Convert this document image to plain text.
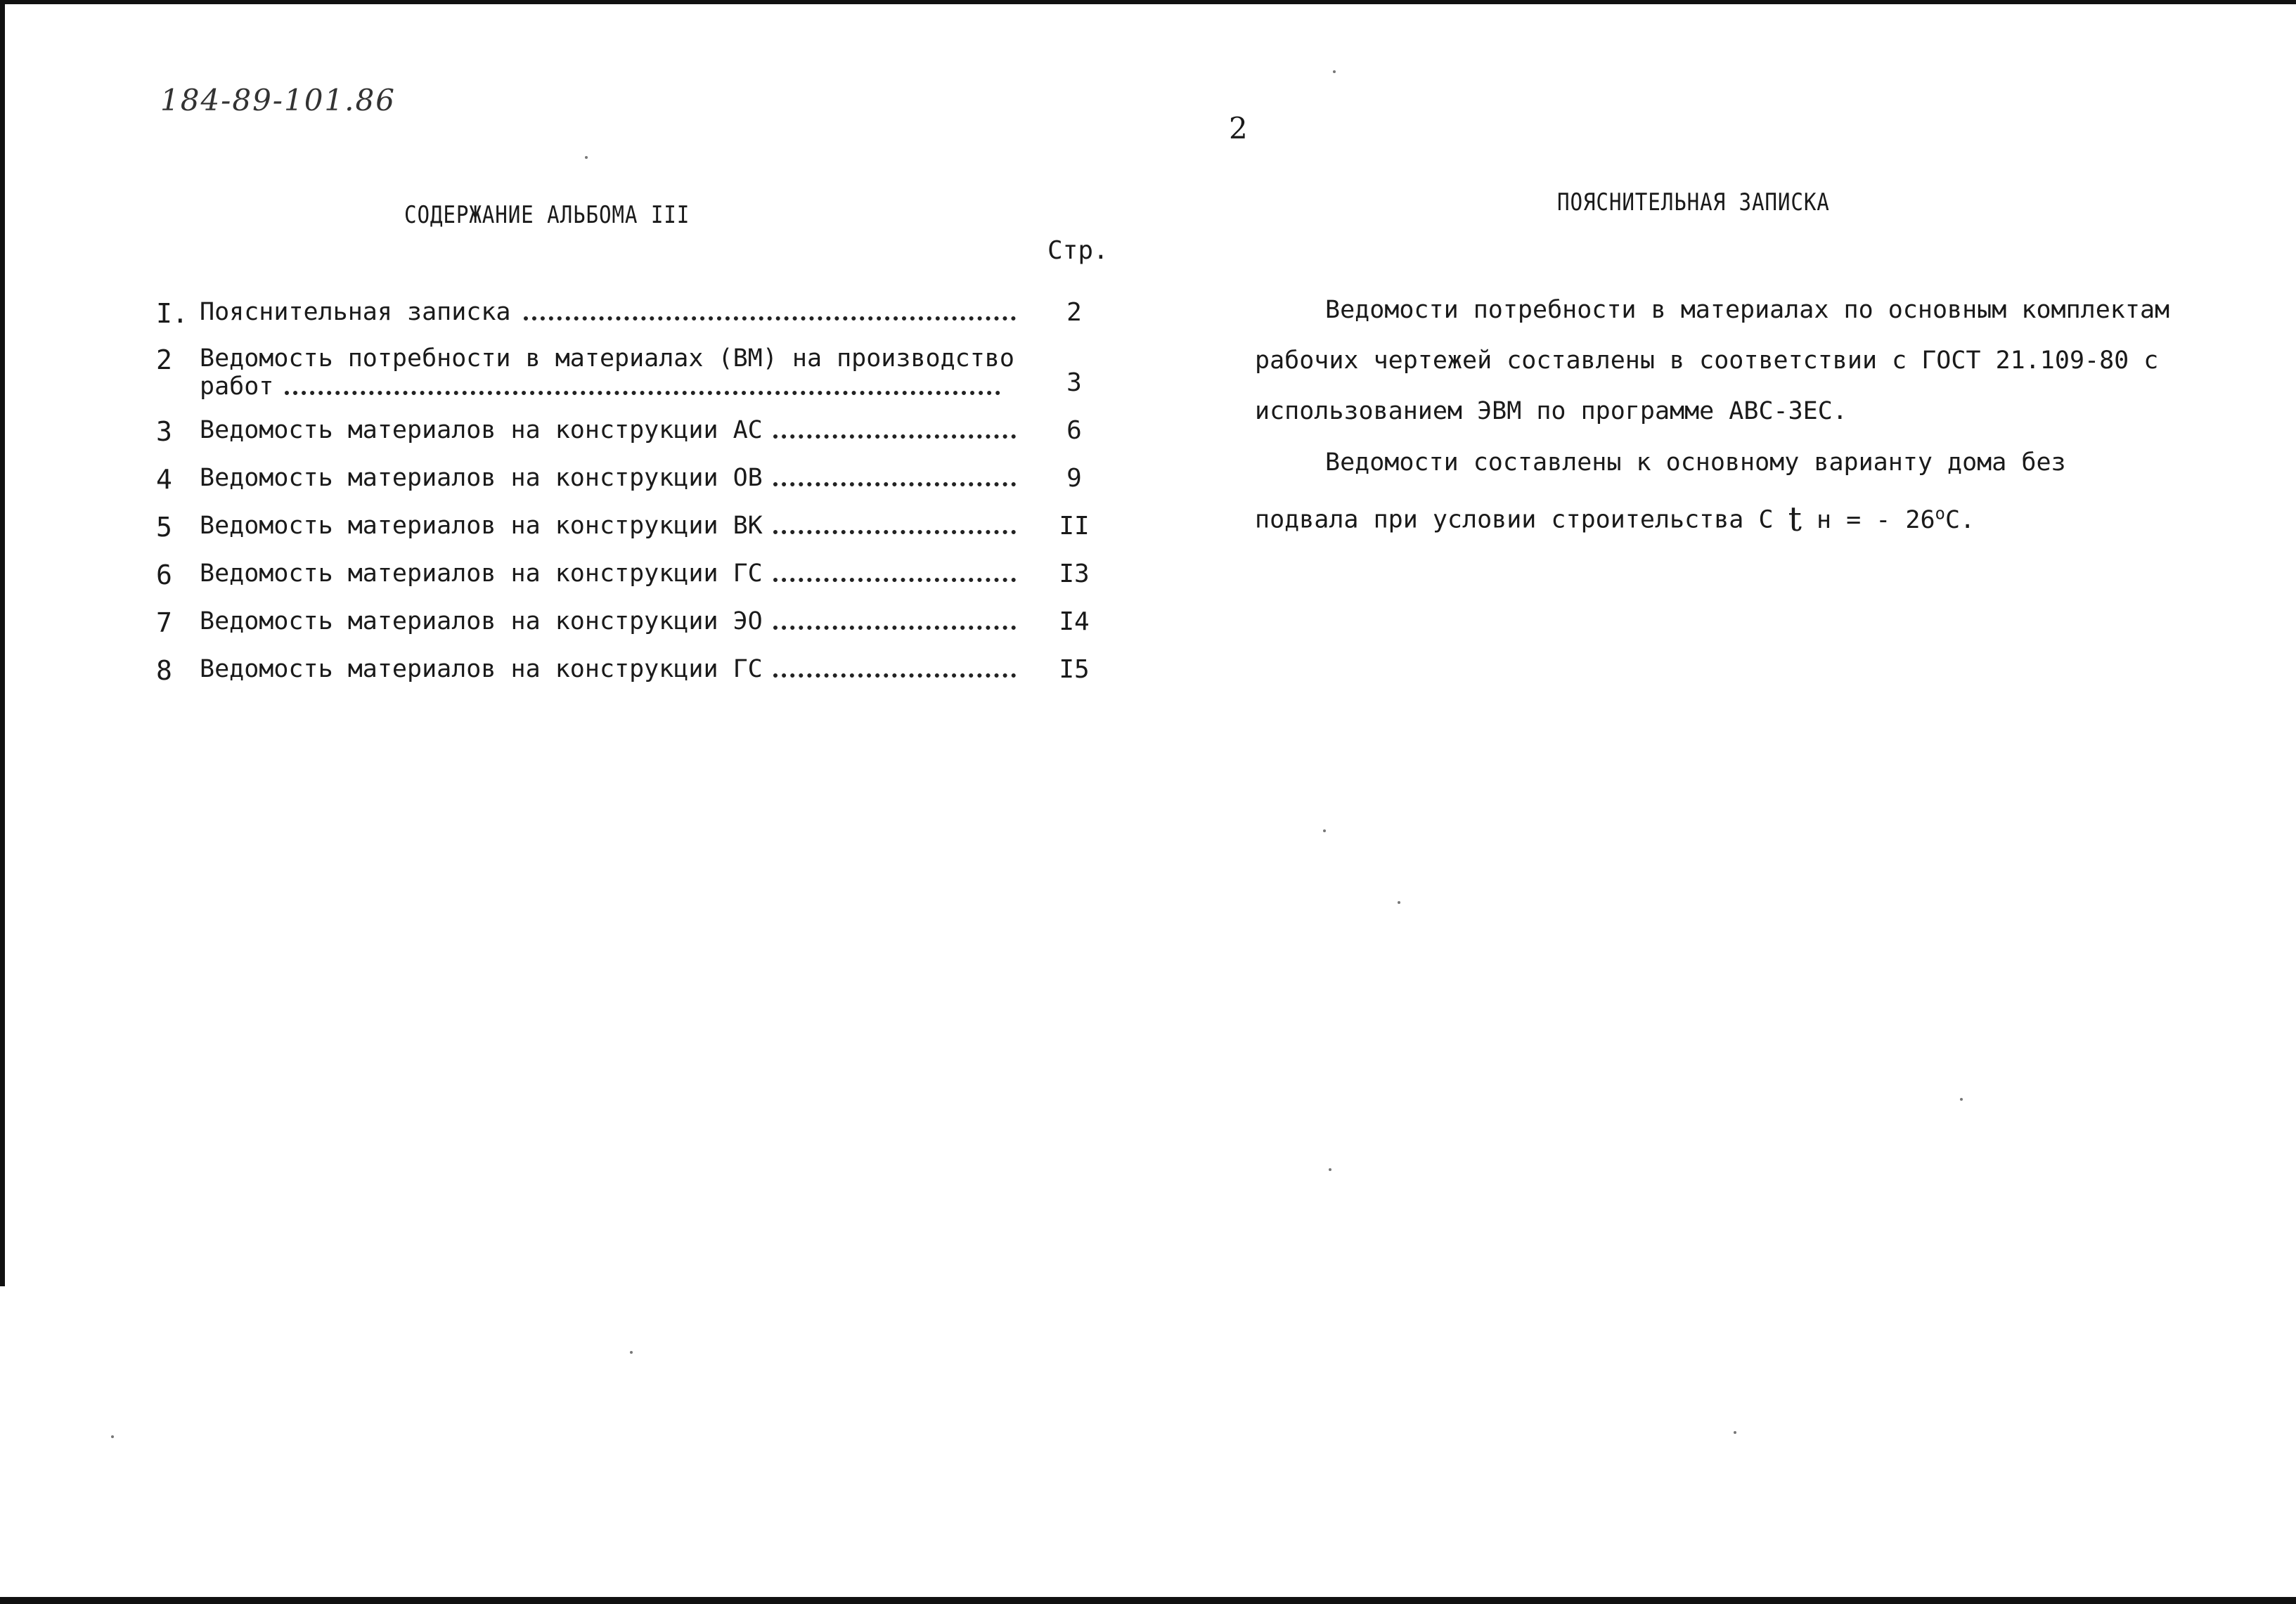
184-89-101.86
2
СОДЕРЖАНИЕ АЛЬБОМА III
Стр.
I. Пояснительная записка	2
2 Ведомость потребности в материалах (ВМ) на производство
работ	3
3 Ведомость материалов на конструкции АС	6
4 Ведомость материалов на конструкции ОВ	9
5 Ведомость материалов на конструкции ВК	II
6 Ведомость материалов на конструкции ГС	I3
7 Ведомость материалов на конструкции ЭО	I4
8 Ведомость материалов на конструкции ГС	I5
ПОЯСНИТЕЛЬНАЯ ЗАПИСКА
Ведомости потребности в материалах по основным комплектам рабочих чертежей составлены в соответствии с ГОСТ 21.109-80 с использованием ЭВМ по программе АВС-3ЕС.
Ведомости составлены к основному варианту дома без подвала при условии строительства С t н = - 26$^o$С.
